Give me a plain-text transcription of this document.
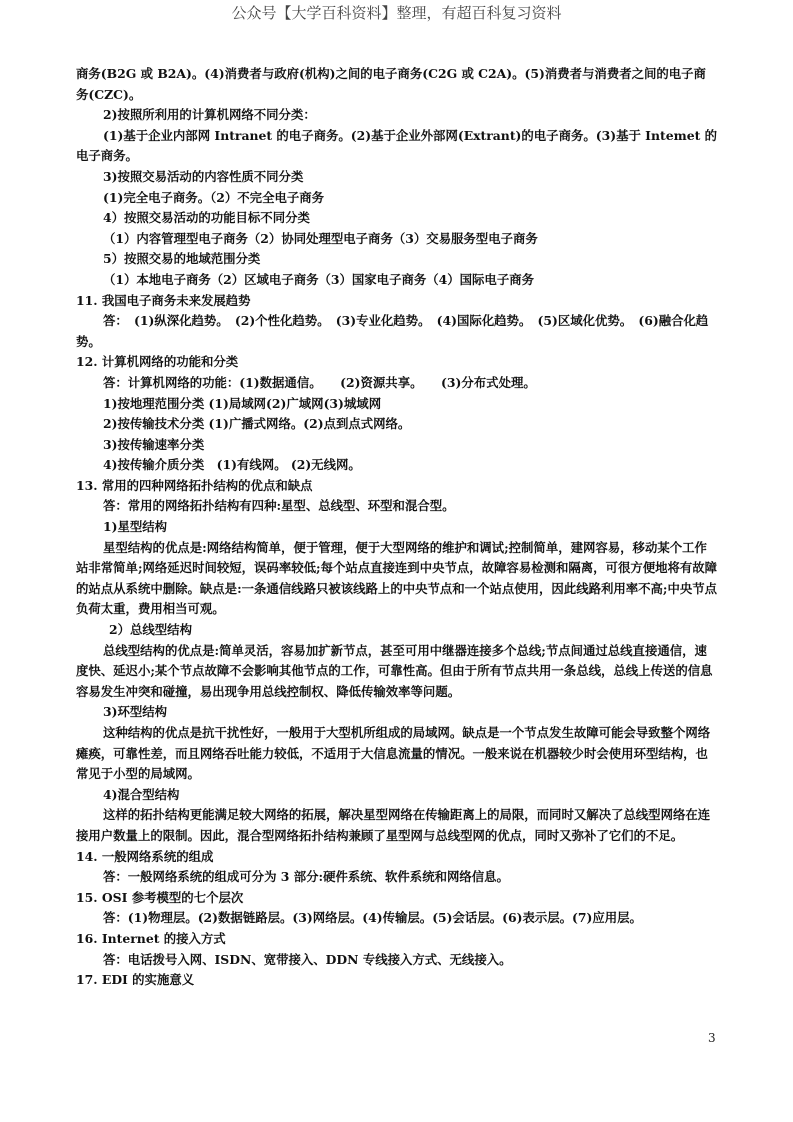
公众号【大学百科资料】整理，有超百科复习资料

商务(B2G 或 B2A)。(4)消费者与政府(机构)之间的电子商务(C2G 或 C2A)。(5)消费者与消费者之间的电子商务(CZC)。

2)按照所利用的计算机网络不同分类：

(1)基于企业内部网 Intranet 的电子商务。(2)基于企业外部网(Extrant)的电子商务。(3)基于 Intemet 的电子商务。

3)按照交易活动的内容性质不同分类

(1)完全电子商务。（2）不完全电子商务

4）按照交易活动的功能目标不同分类

（1）内容管理型电子商务（2）协同处理型电子商务（3）交易服务型电子商务

5）按照交易的地域范围分类

（1）本地电子商务（2）区域电子商务（3）国家电子商务（4）国际电子商务

11. 我国电子商务未来发展趋势

答：　(1)纵深化趋势。　(2)个性化趋势。　(3)专业化趋势。　(4)国际化趋势。　(5)区域化优势。　(6)融合化趋势。

12. 计算机网络的功能和分类

答：计算机网络的功能：(1)数据通信。　　(2)资源共享。　　(3)分布式处理。

1)按地理范围分类 (1)局域网(2)广域网(3)城域网

2)按传输技术分类 (1)广播式网络。(2)点到点式网络。

3)按传输速率分类

4)按传输介质分类　(1)有线网。 (2)无线网。

13. 常用的四种网络拓扑结构的优点和缺点

答：常用的网络拓扑结构有四种:星型、总线型、环型和混合型。

1)星型结构

星型结构的优点是:网络结构简单，便于管理，便于大型网络的维护和调试;控制简单，建网容易，移动某个工作站非常简单;网络延迟时间较短，误码率较低;每个站点直接连到中央节点，故障容易检测和隔离，可很方便地将有故障的站点从系统中删除。缺点是:一条通信线路只被该线路上的中央节点和一个站点使用，因此线路利用率不高;中央节点负荷太重，费用相当可观。

2）总线型结构

总线型结构的优点是:简单灵活，容易加扩新节点，甚至可用中继器连接多个总线;节点间通过总线直接通信，速度快、延迟小;某个节点故障不会影响其他节点的工作，可靠性高。但由于所有节点共用一条总线，总线上传送的信息容易发生冲突和碰撞，易出现争用总线控制权、降低传输效率等问题。

3)环型结构

这种结构的优点是抗干扰性好，一般用于大型机所组成的局域网。缺点是一个节点发生故障可能会导致整个网络瘫痪，可靠性差，而且网络吞吐能力较低，不适用于大信息流量的情况。一般来说在机器较少时会使用环型结构，也常见于小型的局域网。

4)混合型结构

这样的拓扑结构更能满足较大网络的拓展，解决星型网络在传输距离上的局限，而同时又解决了总线型网络在连接用户数量上的限制。因此，混合型网络拓扑结构兼顾了星型网与总线型网的优点，同时又弥补了它们的不足。

14. 一般网络系统的组成

答：一般网络系统的组成可分为 3 部分:硬件系统、软件系统和网络信息。

15. OSI 参考模型的七个层次

答：(1)物理层。(2)数据链路层。(3)网络层。(4)传输层。(5)会话层。(6)表示层。(7)应用层。

16. Internet 的接入方式

答：电话拨号入网、ISDN、宽带接入、DDN 专线接入方式、无线接入。

17. EDI 的实施意义

3
